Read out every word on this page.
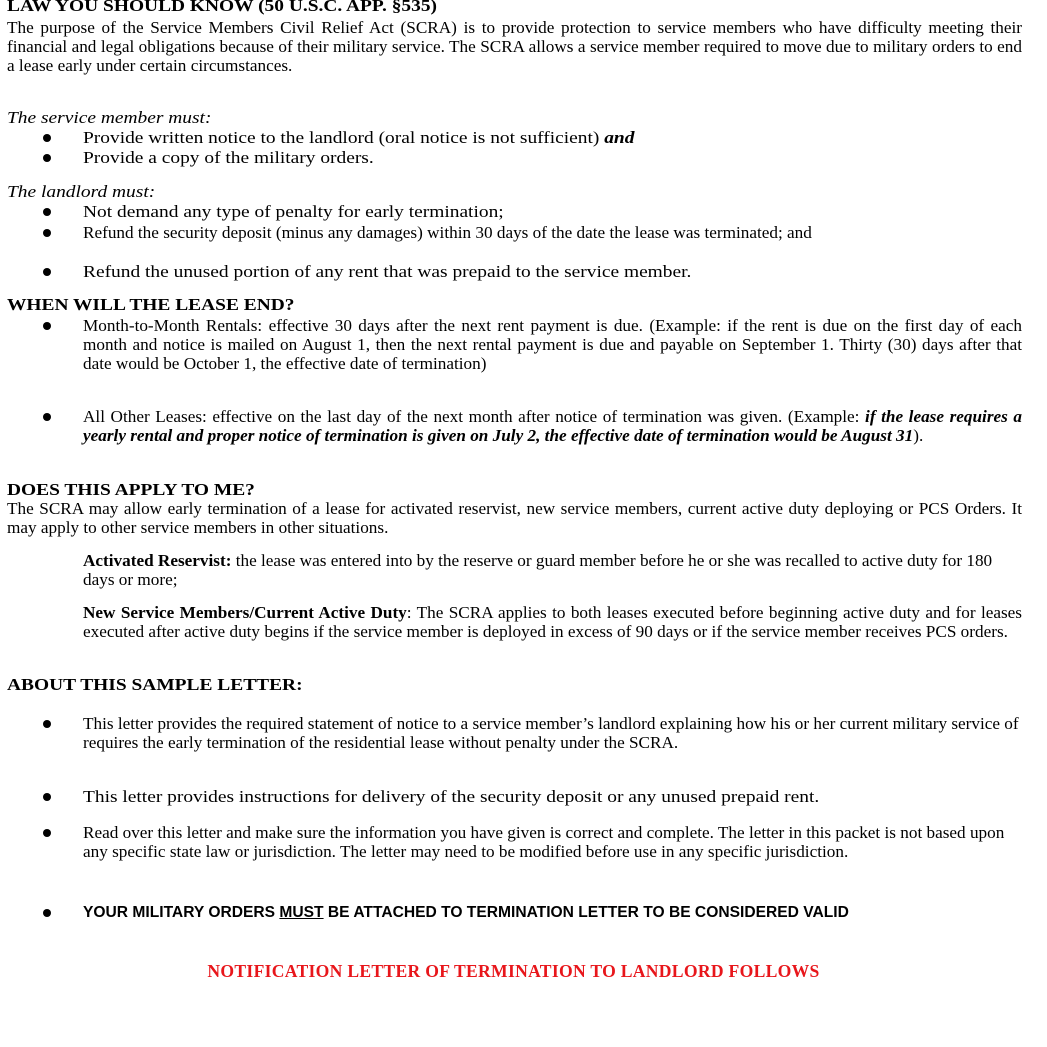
LAW YOU SHOULD KNOW (50 U.S.C. APP. §535)

The purpose of the Service Members Civil Relief Act (SCRA) is to provide protection to service members who have difficulty meeting their financial and legal obligations because of their military service. The SCRA allows a service member required to move due to military orders to end a lease early under certain circumstances.

The service member must:

Provide written notice to the landlord (oral notice is not sufficient) and

Provide a copy of the military orders.

The landlord must:

Not demand any type of penalty for early termination;

Refund the security deposit (minus any damages) within 30 days of the date the lease was terminated; and

Refund the unused portion of any rent that was prepaid to the service member.

WHEN WILL THE LEASE END?

Month-to-Month Rentals: effective 30 days after the next rent payment is due. (Example: if the rent is due on the first day of each month and notice is mailed on August 1, then the next rental payment is due and payable on September 1. Thirty (30) days after that date would be October 1, the effective date of termination)

All Other Leases: effective on the last day of the next month after notice of termination was given. (Example: if the lease requires a yearly rental and proper notice of termination is given on July 2, the effective date of termination would be August 31).

DOES THIS APPLY TO ME?

The SCRA may allow early termination of a lease for activated reservist, new service members, current active duty deploying or PCS Orders. It may apply to other service members in other situations.

Activated Reservist: the lease was entered into by the reserve or guard member before he or she was recalled to active duty for 180 days or more;

New Service Members/Current Active Duty: The SCRA applies to both leases executed before beginning active duty and for leases executed after active duty begins if the service member is deployed in excess of 90 days or if the service member receives PCS orders.

ABOUT THIS SAMPLE LETTER:

This letter provides the required statement of notice to a service member’s landlord explaining how his or her current military service of requires the early termination of the residential lease without penalty under the SCRA.

This letter provides instructions for delivery of the security deposit or any unused prepaid rent.

Read over this letter and make sure the information you have given is correct and complete. The letter in this packet is not based upon any specific state law or jurisdiction. The letter may need to be modified before use in any specific jurisdiction.

YOUR MILITARY ORDERS MUST BE ATTACHED TO TERMINATION LETTER TO BE CONSIDERED VALID

NOTIFICATION LETTER OF TERMINATION TO LANDLORD FOLLOWS
